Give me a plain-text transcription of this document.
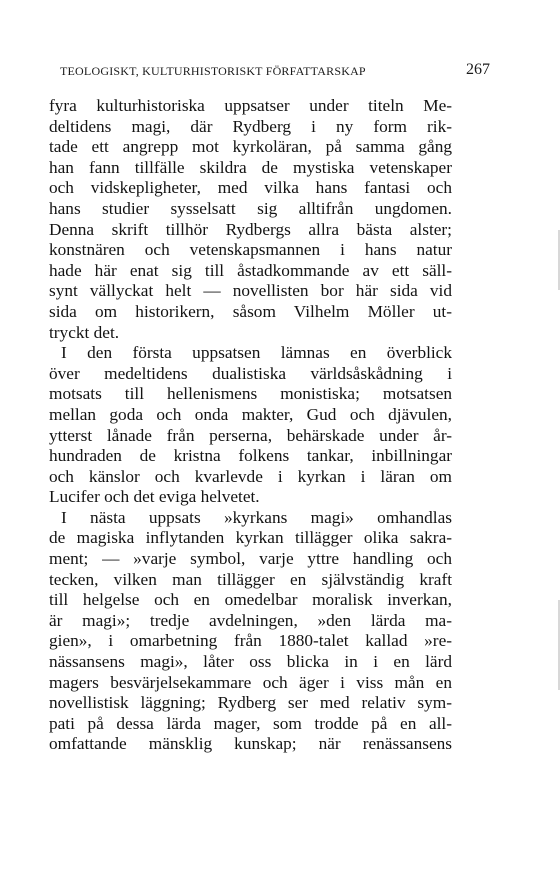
TEOLOGISKT, KULTURHISTORISKT FÖRFATTARSKAP	267
fyra kulturhistoriska uppsatser under titeln Me-
deltidens magi, där Rydberg i ny form rik-
tade ett angrepp mot kyrkoläran, på samma gång
han fann tillfälle skildra de mystiska vetenskaper
och vidskepligheter, med vilka hans fantasi och
hans studier sysselsatt sig alltifrån ungdomen.
Denna skrift tillhör Rydbergs allra bästa alster;
konstnären och vetenskapsmannen i hans natur
hade här enat sig till åstadkommande av ett säll-
synt vällyckat helt — novellisten bor här sida vid
sida om historikern, såsom Vilhelm Möller ut-
tryckt det.
I den första uppsatsen lämnas en överblick
över medeltidens dualistiska världsåskådning i
motsats till hellenismens monistiska; motsatsen
mellan goda och onda makter, Gud och djävulen,
ytterst lånade från perserna, behärskade under år-
hundraden de kristna folkens tankar, inbillningar
och känslor och kvarlevde i kyrkan i läran om
Lucifer och det eviga helvetet.
I nästa uppsats »kyrkans magi» omhandlas
de magiska inflytanden kyrkan tillägger olika sakra-
ment; — »varje symbol, varje yttre handling och
tecken, vilken man tillägger en självständig kraft
till helgelse och en omedelbar moralisk inverkan,
är magi»; tredje avdelningen, »den lärda ma-
gien», i omarbetning från 1880-talet kallad »re-
nässansens magi», låter oss blicka in i en lärd
magers besvärjelsekammare och äger i viss mån en
novellistisk läggning; Rydberg ser med relativ sym-
pati på dessa lärda mager, som trodde på en all-
omfattande mänsklig kunskap; när renässansens
